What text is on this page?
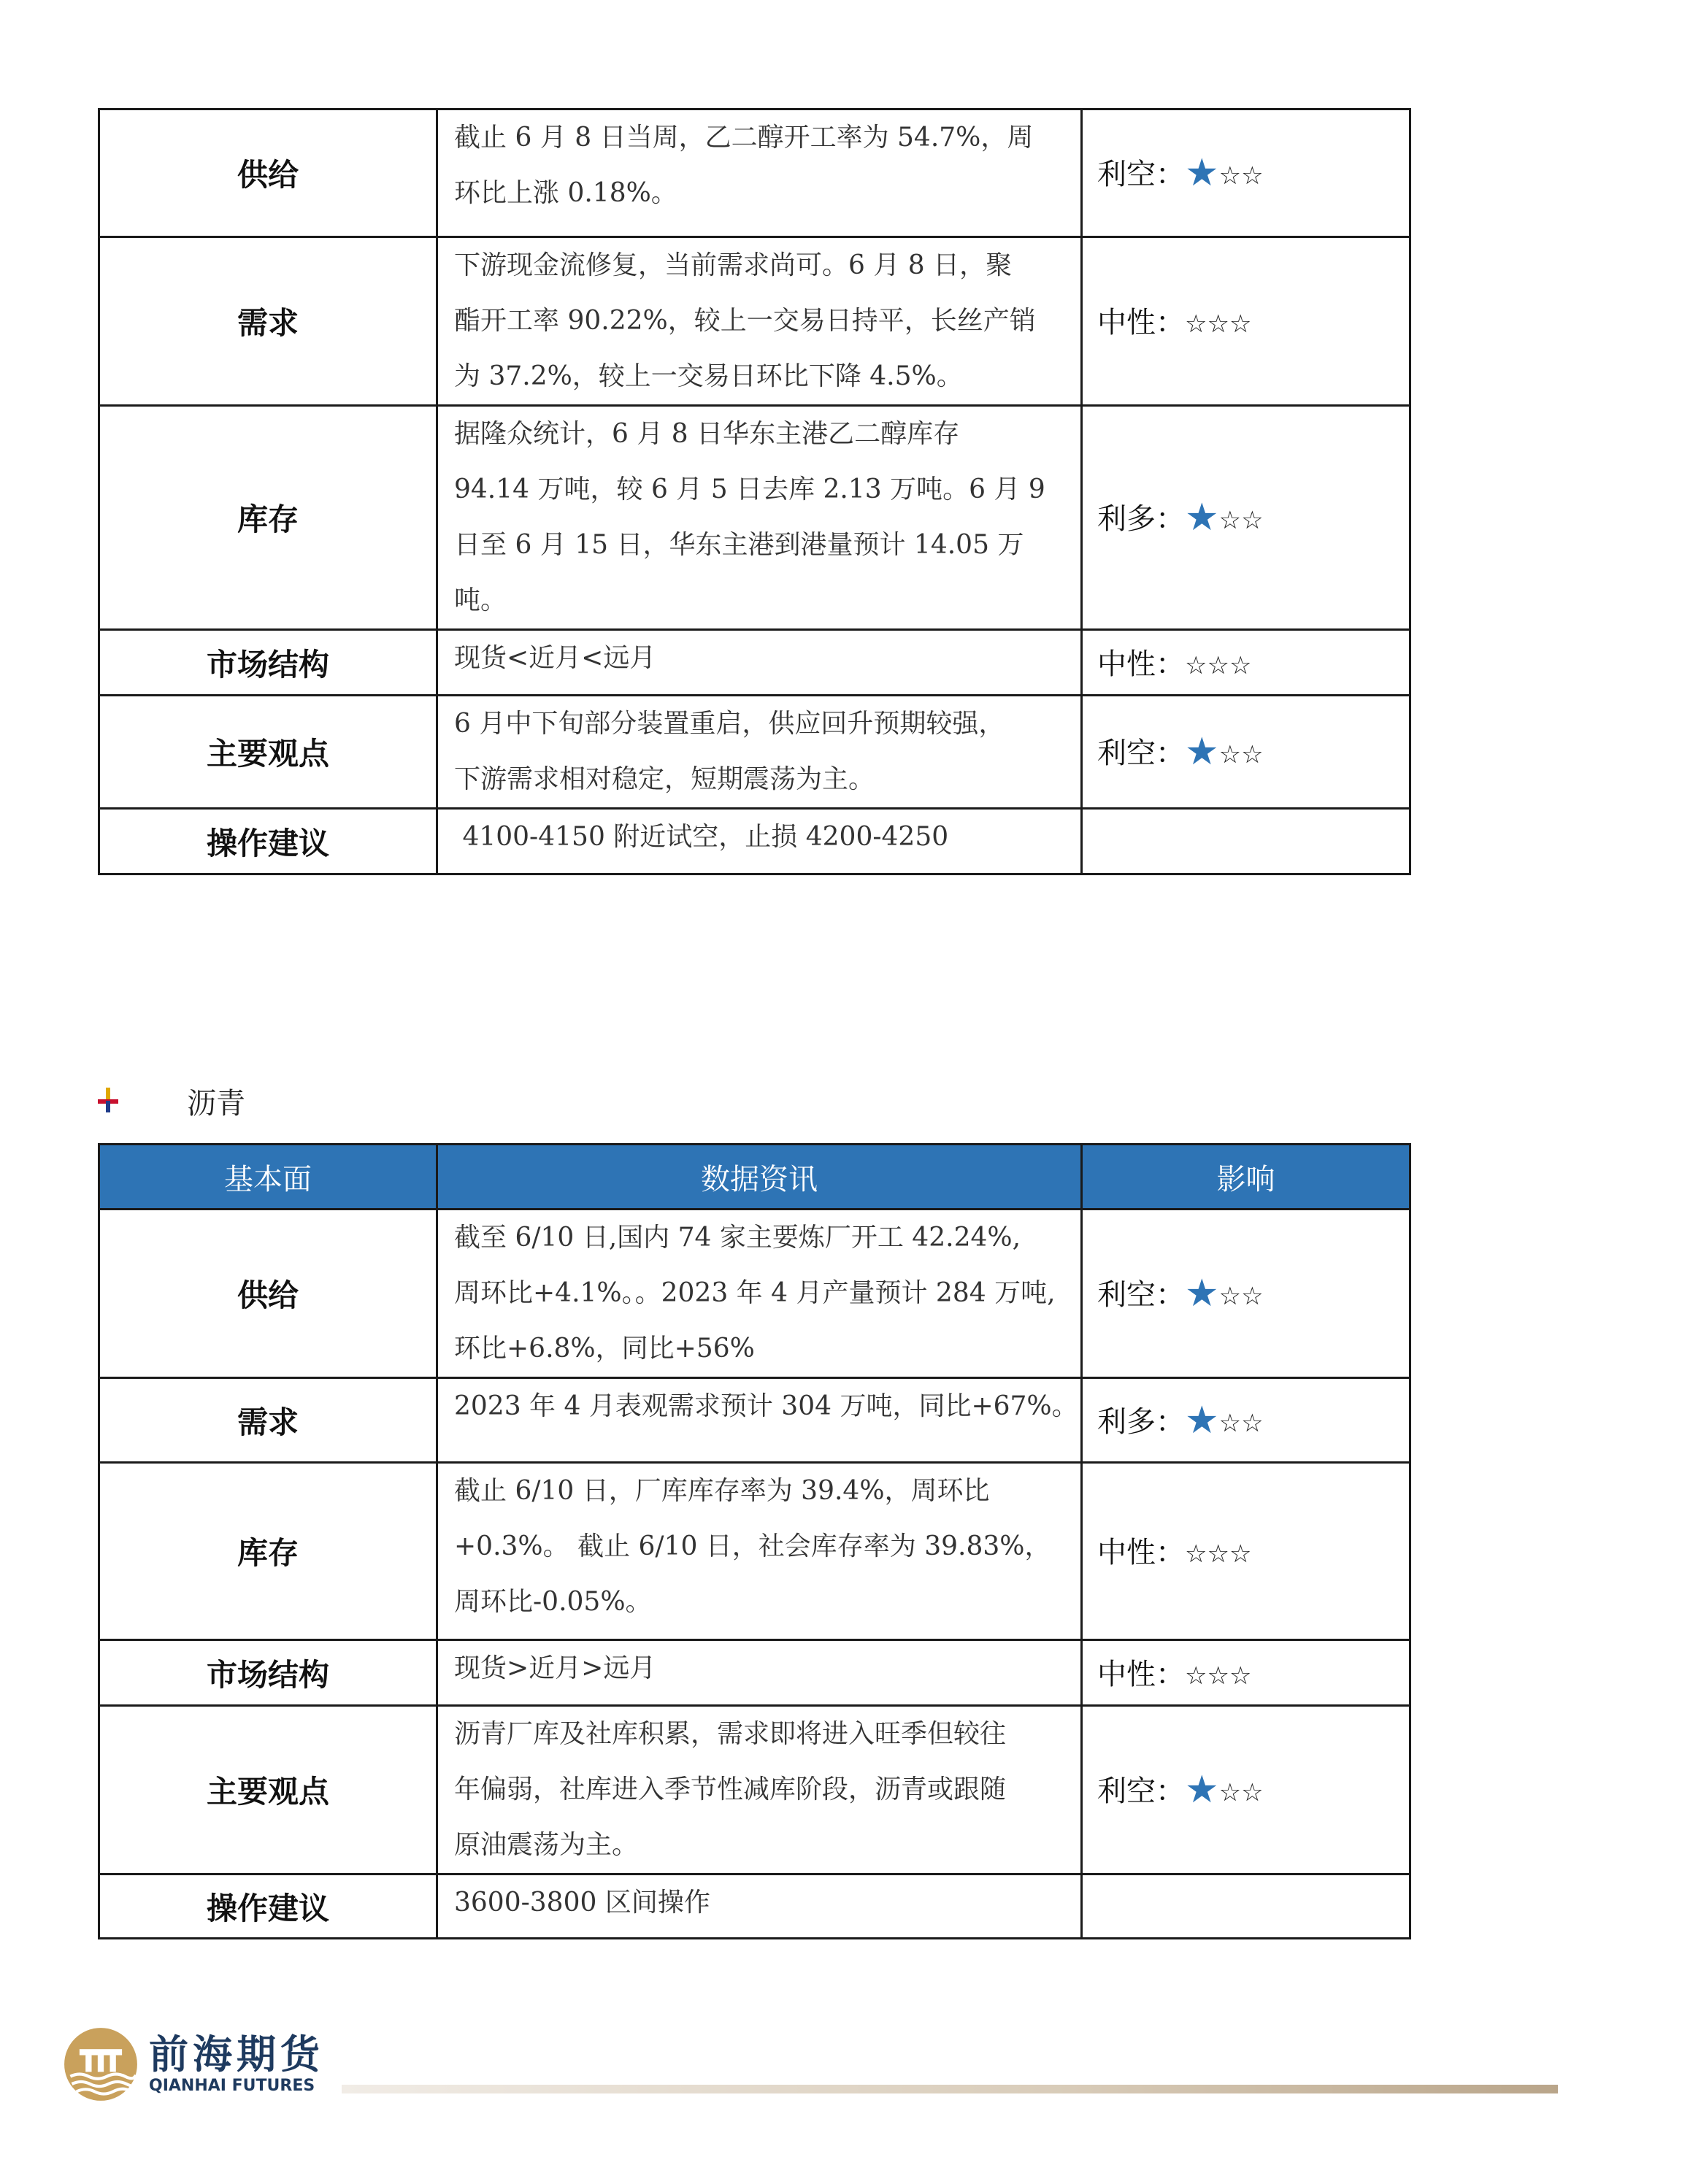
供给	截止 6 月 8 日当周，乙二醇开工率为 54.7%，周
环比上涨 0.18%。	利空：★☆☆
需求	下游现金流修复，当前需求尚可。6 月 8 日，聚
酯开工率 90.22%，较上一交易日持平，长丝产销
为 37.2%，较上一交易日环比下降 4.5%。	中性：☆☆☆
库存	据隆众统计，6 月 8 日华东主港乙二醇库存
94.14 万吨，较 6 月 5 日去库 2.13 万吨。6 月 9
日至 6 月 15 日，华东主港到港量预计 14.05 万
吨。	利多：★☆☆
市场结构	现货<近月<远月	中性：☆☆☆
主要观点	6 月中下旬部分装置重启，供应回升预期较强，
下游需求相对稳定，短期震荡为主。	利空：★☆☆
操作建议	4100-4150 附近试空，止损 4200-4250	

沥青
基本面	数据资讯	影响
供给	截至 6/10 日,国内 74 家主要炼厂开工 42.24%,
周环比+4.1%。。2023 年 4 月产量预计 284 万吨,
环比+6.8%，同比+56%	利空：★☆☆
需求	2023 年 4 月表观需求预计 304 万吨，同比+67%。	利多：★☆☆
库存	截止 6/10 日，厂库库存率为 39.4%，周环比
+0.3%。 截止 6/10 日，社会库存率为 39.83%，
周环比-0.05%。	中性：☆☆☆
市场结构	现货>近月>远月	中性：☆☆☆
主要观点	沥青厂库及社库积累，需求即将进入旺季但较往
年偏弱，社库进入季节性减库阶段，沥青或跟随
原油震荡为主。	利空：★☆☆
操作建议	3600-3800 区间操作	

前海期货
QIANHAI FUTURES
